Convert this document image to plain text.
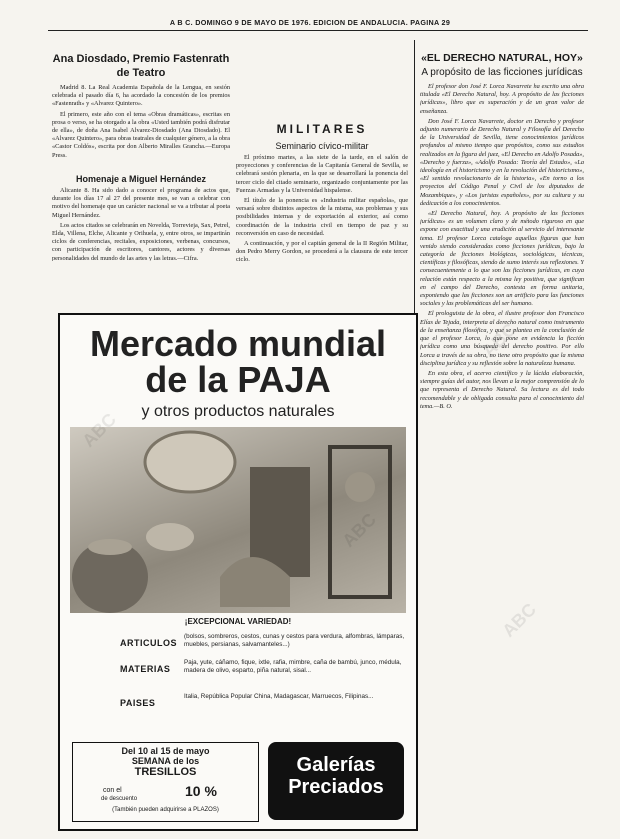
A B C. DOMINGO 9 DE MAYO DE 1976. EDICION DE ANDALUCIA. PAGINA 29
Ana Diosdado, Premio Fastenrath de Teatro

Madrid 8. La Real Academia Española de la Lengua, en sesión celebrada el pasado día 6, ha acordado la concesión de los premios «Fastenrath» y «Alvarez Quintero».

El primero, este año con el tema «Obras dramáticas», escritas en prosa o verso, se ha otorgado a la obra «Usted también podrá disfrutar de ella», de doña Ana Isabel Alvarez-Diosdado (Ana Diosdado). El «Alvarez Quintero», para obras teatrales de cualquier género, a la obra «Castor Coldós», escrita por don Alberto Miralles Grancha.—Europa Press.

Homenaje a Miguel Hernández

Alicante 8. Ha sido dado a conocer el programa de actos que, durante los días 17 al 27 del presente mes, se van a celebrar con motivo del homenaje que un carácter nacional se va a tributar al poeta Miguel Hernández.

Los actos citados se celebrarán en Novelda, Torrevieja, Sax, Petrel, Elda, Villena, Elche, Alicante y Orihuela, y, entre otros, se impartirán ciclos de conferencias, recitales, exposiciones, verbenas, concursos, con participación de escritores, cantores, actores y diversas personalidades del mundo de las artes y las letras.—Cifra.

MILITARES
Seminario cívico-militar

El próximo martes, a las siete de la tarde, en el salón de proyecciones y conferencias de la Capitanía General de Sevilla, se celebrará sesión plenaria, en la que se desarrollará la ponencia del tercer ciclo del citado seminario, organizado conjuntamente por las Fuerzas Armadas y la Universidad hispalense.

El título de la ponencia es «Industria militar española», que versará sobre distintos aspectos de la misma, sus problemas y sus posibilidades internas y de exportación al exterior, así como coordinación de la industria civil en tiempo de paz y su reconversión en caso de necesidad.

A continuación, y por el capitán general de la II Región Militar, don Pedro Merry Gordon, se procederá a la clausura de este tercer ciclo.

«EL DERECHO NATURAL, HOY»
A propósito de las ficciones jurídicas

El profesor don José F. Lorca Navarrete ha escrito una obra titulada «El Derecho Natural, hoy. A propósito de las ficciones jurídicas», libro que es superación y de un gran valor de enseñanza.

Don José F. Lorca Navarrete, doctor en Derecho y profesor adjunto numerario de Derecho Natural y Filosofía del Derecho de la Universidad de Sevilla, tiene conocimientos jurídicos profundos al mismo tiempo que propósitos, como sus estudios realizados en la figura del juez, «El Derecho en Adolfo Posada», «Derecho y fuerza», «Adolfo Posada: Teoría del Estado», «La ideología en el historicismo y en la revolución del historicismo», «El sentido revolucionario de la historia», «En torno a los proyectos del Código Penal y Civil de los diputados de Mozambique», y «Los juristas españoles», por su cultura y su dedicación a los conocimientos.

«El Derecho Natural, hoy. A propósito de las ficciones jurídicas» es un volumen claro y de método riguroso en que expone con exactitud y una erudición al servicio del interesante tema. El profesor Lorca cataloga aquellas figuras que han venido siendo consideradas como ficciones jurídicas, bajo la categoría de ficciones biológicas, sociológicas, técnicas, científicas y filosóficas, siendo de sumo interés sus reflexiones. Y consecuentemente a lo que son las ficciones jurídicas, en cuya relación están respecto a la misma ley positiva, que significan en el campo del Derecho, contesta en forma unitaria, exponiendo que las ficciones son un artificio para las funciones sociales y las problemáticas del ser humano.

El prologuista de la obra, el ilustre profesor don Francisco Elías de Tejada, interpreta al derecho natural como instrumento de la enseñanza filosófica, y que se plantea en la conclusión de que el profesor Lorca, lo que pone en evidencia la ficción jurídica como una búsqueda del derecho positivo. Por ello Lorca a través de su obra, no tiene otro propósito que la misma disciplina jurídica y su reflexión sobre la naturaleza humana.

En esta obra, el acervo científico y la lúcida elaboración, siempre guías del autor, nos llevan a la mejor comprensión de lo que representa el Derecho Natural. Su lectura es del todo recomendable y de obligada consulta para el conocimiento del tema.—B. O.

Mercado mundial
de la PAJA
y otros productos naturales
¡EXCEPCIONAL VARIEDAD!
ARTICULOS
(bolsos, sombreros, cestos, cunas y cestos para verdura, alfombras, lámparas, muebles, persianas, salvamanteles...)
MATERIAS
Paja, yute, cáñamo, fique, ixtle, rafia, mimbre, caña de bambú, junco, médula, madera de olivo, esparto, piña natural, sisal...
PAISES
Italia, República Popular China, Madagascar, Marruecos, Filipinas...
Del 10 al 15 de mayo
SEMANA de los
TRESILLOS
con el
de descuento	10 %
(También pueden adquirirse a PLAZOS)
Galerías
Preciados
ABC
ABC
ABC
ABC
